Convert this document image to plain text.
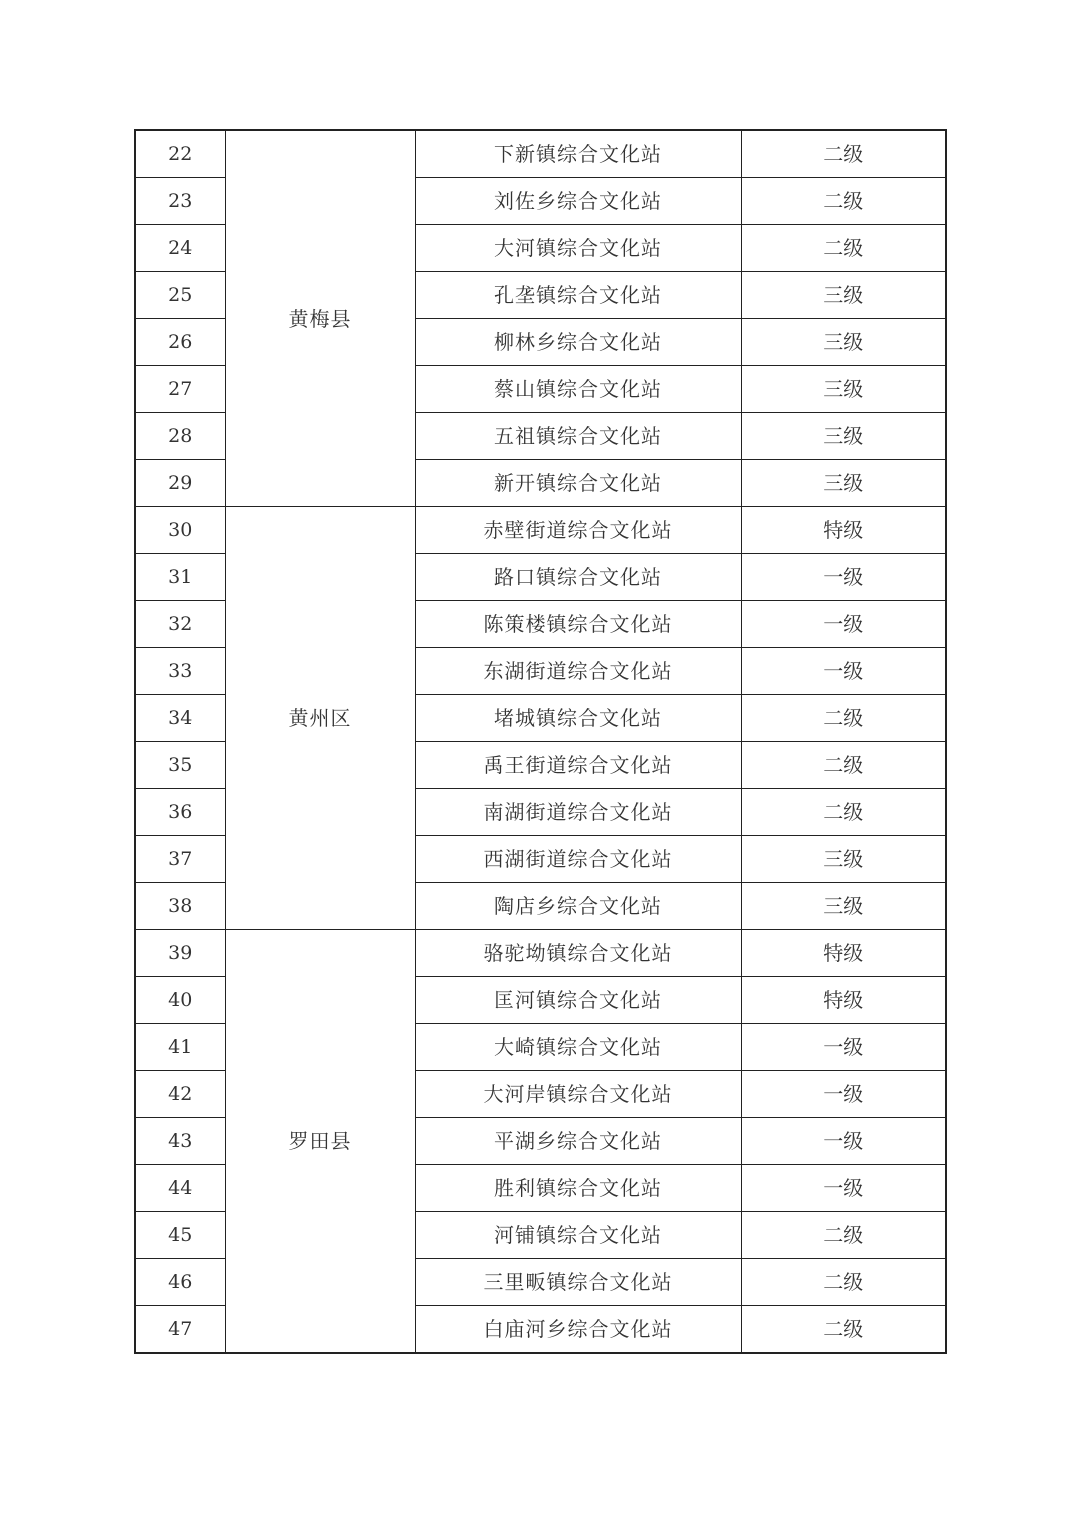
22	黄梅县	下新镇综合文化站	二级
23		刘佐乡综合文化站	二级
24		大河镇综合文化站	二级
25		孔垄镇综合文化站	三级
26		柳林乡综合文化站	三级
27		蔡山镇综合文化站	三级
28		五祖镇综合文化站	三级
29		新开镇综合文化站	三级
30	黄州区	赤壁街道综合文化站	特级
31		路口镇综合文化站	一级
32		陈策楼镇综合文化站	一级
33		东湖街道综合文化站	一级
34		堵城镇综合文化站	二级
35		禹王街道综合文化站	二级
36		南湖街道综合文化站	二级
37		西湖街道综合文化站	三级
38		陶店乡综合文化站	三级
39	罗田县	骆驼坳镇综合文化站	特级
40		匡河镇综合文化站	特级
41		大崎镇综合文化站	一级
42		大河岸镇综合文化站	一级
43		平湖乡综合文化站	一级
44		胜利镇综合文化站	一级
45		河铺镇综合文化站	二级
46		三里畈镇综合文化站	二级
47		白庙河乡综合文化站	二级
